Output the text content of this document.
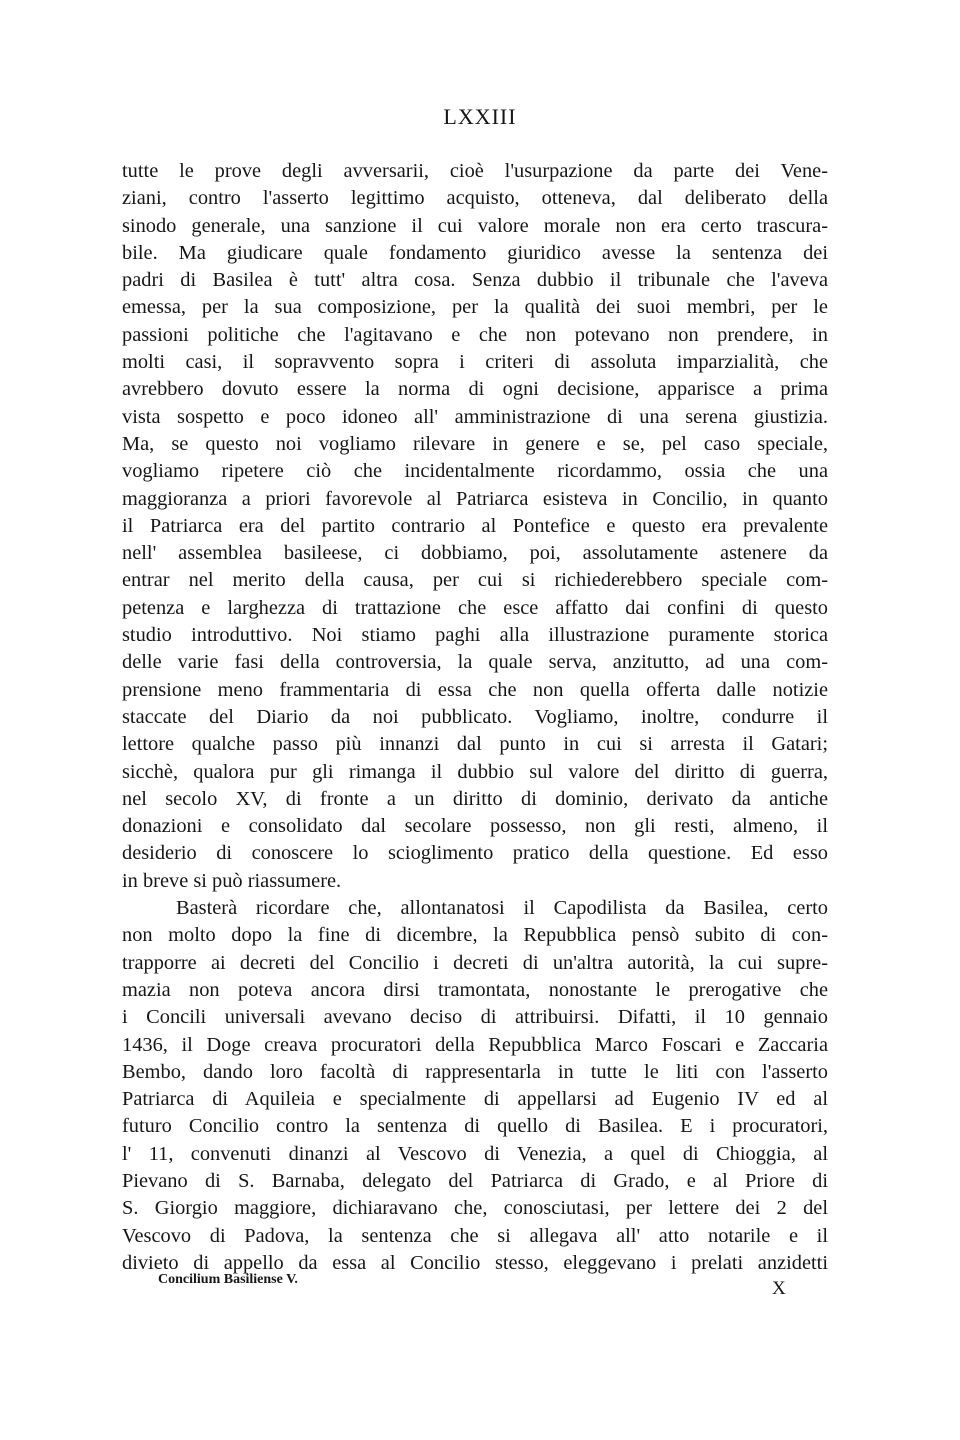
LXXIII
tutte le prove degli avversarii, cioè l'usurpazione da parte dei Vene-
ziani, contro l'asserto legittimo acquisto, otteneva, dal deliberato della
sinodo generale, una sanzione il cui valore morale non era certo trascura-
bile. Ma giudicare quale fondamento giuridico avesse la sentenza dei
padri di Basilea è tutt' altra cosa. Senza dubbio il tribunale che l'aveva
emessa, per la sua composizione, per la qualità dei suoi membri, per le
passioni politiche che l'agitavano e che non potevano non prendere, in
molti casi, il sopravvento sopra i criteri di assoluta imparzialità, che
avrebbero dovuto essere la norma di ogni decisione, apparisce a prima
vista sospetto e poco idoneo all' amministrazione di una serena giustizia.
Ma, se questo noi vogliamo rilevare in genere e se, pel caso speciale,
vogliamo ripetere ciò che incidentalmente ricordammo, ossia che una
maggioranza a priori favorevole al Patriarca esisteva in Concilio, in quanto
il Patriarca era del partito contrario al Pontefice e questo era prevalente
nell' assemblea basileese, ci dobbiamo, poi, assolutamente astenere da
entrar nel merito della causa, per cui si richiederebbero speciale com-
petenza e larghezza di trattazione che esce affatto dai confini di questo
studio introduttivo. Noi stiamo paghi alla illustrazione puramente storica
delle varie fasi della controversia, la quale serva, anzitutto, ad una com-
prensione meno frammentaria di essa che non quella offerta dalle notizie
staccate del Diario da noi pubblicato. Vogliamo, inoltre, condurre il
lettore qualche passo più innanzi dal punto in cui si arresta il Gatari;
sicchè, qualora pur gli rimanga il dubbio sul valore del diritto di guerra,
nel secolo XV, di fronte a un diritto di dominio, derivato da antiche
donazioni e consolidato dal secolare possesso, non gli resti, almeno, il
desiderio di conoscere lo scioglimento pratico della questione. Ed esso
in breve si può riassumere.
Basterà ricordare che, allontanatosi il Capodilista da Basilea, certo
non molto dopo la fine di dicembre, la Repubblica pensò subito di con-
trapporre ai decreti del Concilio i decreti di un'altra autorità, la cui supre-
mazia non poteva ancora dirsi tramontata, nonostante le prerogative che
i Concili universali avevano deciso di attribuirsi. Difatti, il 10 gennaio
1436, il Doge creava procuratori della Repubblica Marco Foscari e Zaccaria
Bembo, dando loro facoltà di rappresentarla in tutte le liti con l'asserto
Patriarca di Aquileia e specialmente di appellarsi ad Eugenio IV ed al
futuro Concilio contro la sentenza di quello di Basilea. E i procuratori,
l' 11, convenuti dinanzi al Vescovo di Venezia, a quel di Chioggia, al
Pievano di S. Barnaba, delegato del Patriarca di Grado, e al Priore di
S. Giorgio maggiore, dichiaravano che, conosciutasi, per lettere dei 2 del
Vescovo di Padova, la sentenza che si allegava all' atto notarile e il
divieto di appello da essa al Concilio stesso, eleggevano i prelati anzidetti
Concilium Basiliense V.	X
